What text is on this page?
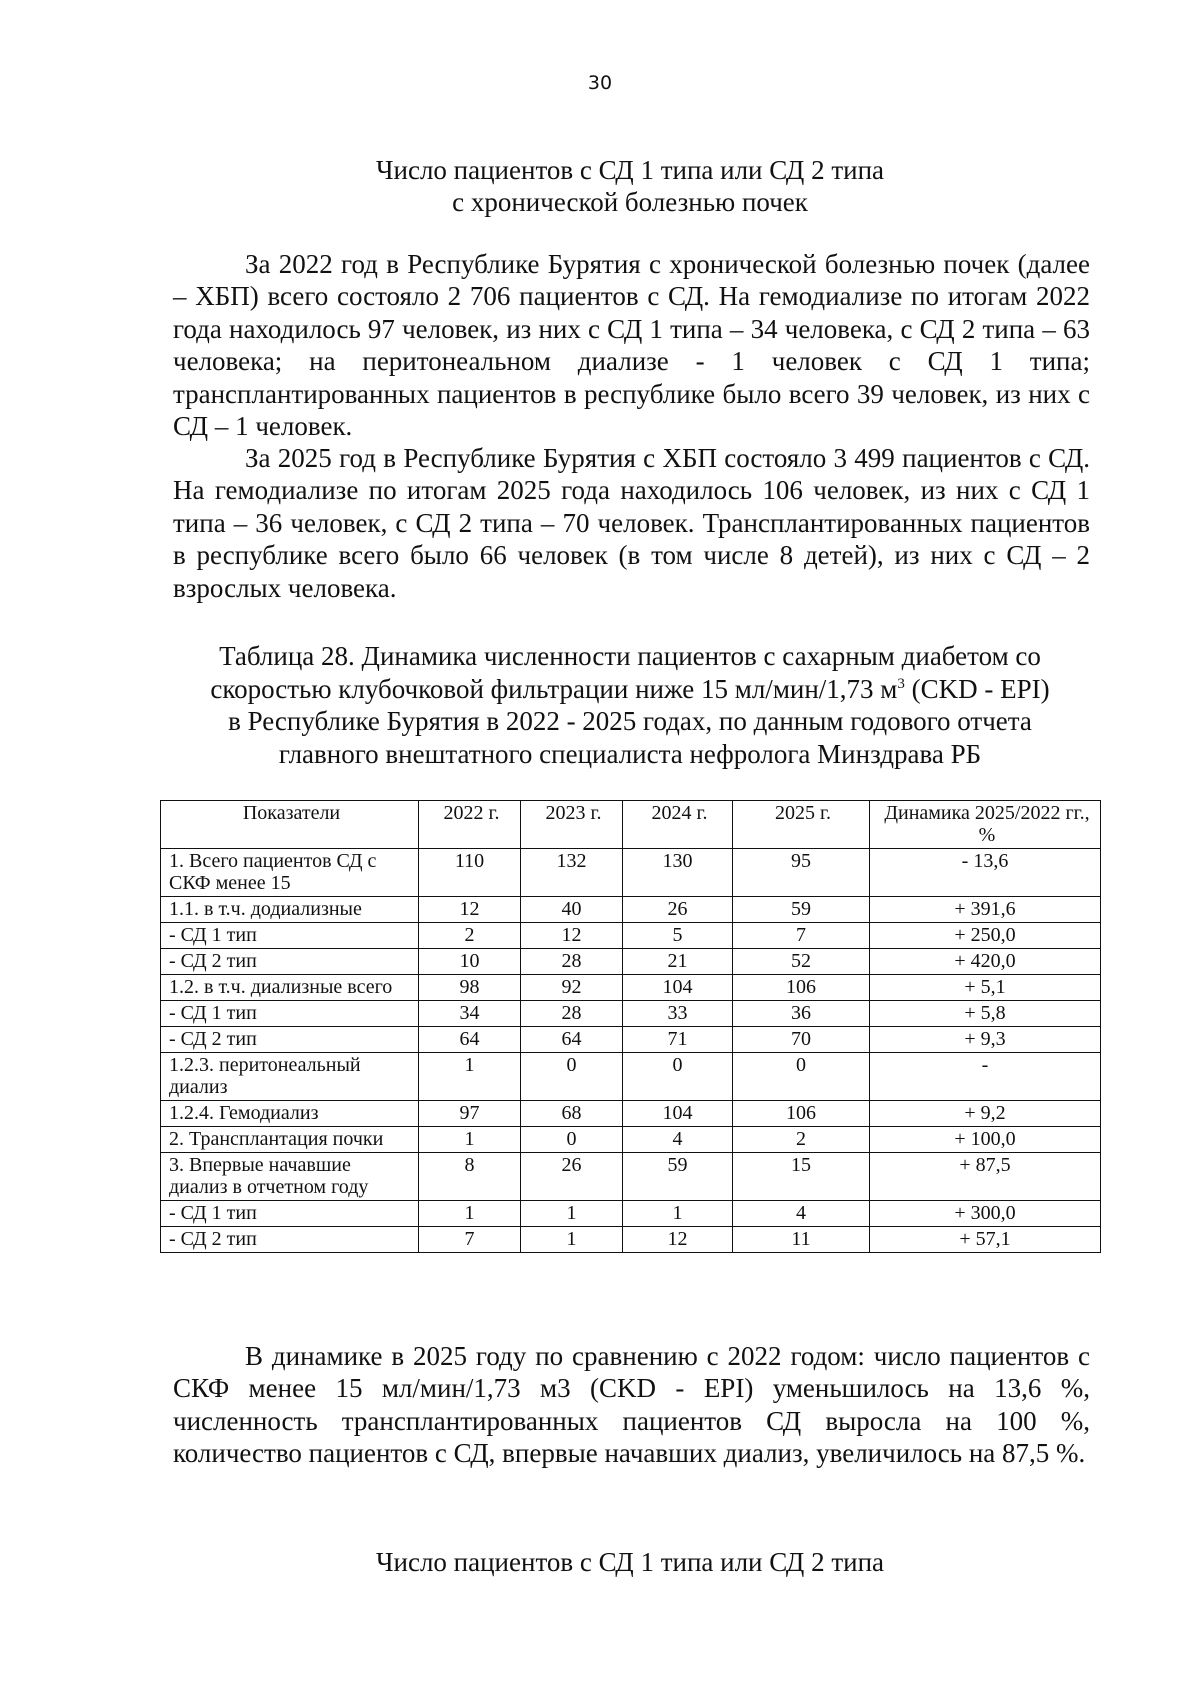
30
Число пациентов с СД 1 типа или СД 2 типа
с хронической болезнью почек

За 2022 год в Республике Бурятия с хронической болезнью почек (далее – ХБП) всего состояло 2 706 пациентов с СД. На гемодиализе по итогам 2022 года находилось 97 человек, из них с СД 1 типа – 34 человека, с СД 2 типа – 63 человека; на перитонеальном диализе - 1 человек с СД 1 типа; трансплантированных пациентов в республике было всего 39 человек, из них с СД – 1 человек.

За 2025 год в Республике Бурятия с ХБП состояло 3 499 пациентов с СД. На гемодиализе по итогам 2025 года находилось 106 человек, из них с СД 1 типа – 36 человек, с СД 2 типа – 70 человек. Трансплантированных пациентов в республике всего было 66 человек (в том числе 8 детей), из них с СД – 2 взрослых человека.

Таблица 28. Динамика численности пациентов с сахарным диабетом со
скоростью клубочковой фильтрации ниже 15 мл/мин/1,73 $м^3$ (CKD - EPI)
в Республике Бурятия в 2022 - 2025 годах, по данным годового отчета
главного внештатного специалиста нефролога Минздрава РБ
Показатели	2022 г.	2023 г.	2024 г.	2025 г.	Динамика 2025/2022 гг., %
1. Всего пациентов СД с СКФ менее 15	110	132	130	95	- 13,6
1.1. в т.ч. додиализные	12	40	26	59	+ 391,6
- СД 1 тип	2	12	5	7	+ 250,0
- СД 2 тип	10	28	21	52	+ 420,0
1.2. в т.ч. диализные всего	98	92	104	106	+ 5,1
- СД 1 тип	34	28	33	36	+ 5,8
- СД 2 тип	64	64	71	70	+ 9,3
1.2.3. перитонеальный диализ	1	0	0	0	-
1.2.4. Гемодиализ	97	68	104	106	+ 9,2
2. Трансплантация почки	1	0	4	2	+ 100,0
3. Впервые начавшие диализ в отчетном году	8	26	59	15	+ 87,5
- СД 1 тип	1	1	1	4	+ 300,0
- СД 2 тип	7	1	12	11	+ 57,1

В динамике в 2025 году по сравнению с 2022 годом: число пациентов с СКФ менее 15 мл/мин/1,73 м3 (CKD - EPI) уменьшилось на 13,6 %, численность трансплантированных пациентов СД выросла на 100 %, количество пациентов с СД, впервые начавших диализ, увеличилось на 87,5 %.

Число пациентов с СД 1 типа или СД 2 типа
